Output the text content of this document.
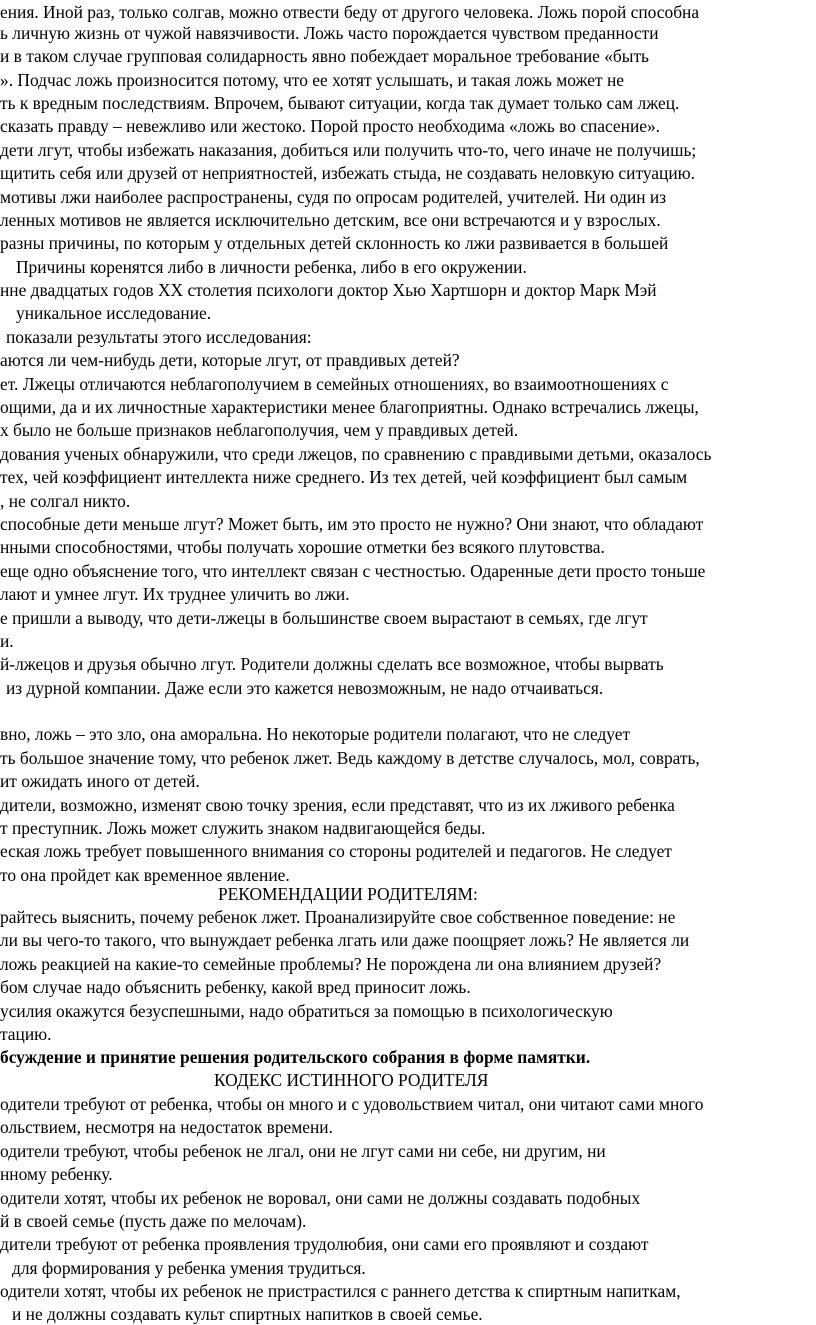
ения. Иной раз, только солгав, можно отвести беду от другого человека. Ложь порой способна
ь личную жизнь от чужой навязчивости. Ложь часто порождается чувством преданности
и в таком случае групповая солидарность явно побеждает моральное требование «быть
». Подчас ложь произносится потому, что ее хотят услышать, и такая ложь может не
ть к вредным последствиям. Впрочем, бывают ситуации, когда так думает только сам лжец.
сказать правду – невежливо или жестоко. Порой просто необходима «ложь во спасение».
дети лгут, чтобы избежать наказания, добиться или получить что-то, чего иначе не получишь;
щитить себя или друзей от неприятностей, избежать стыда, не создавать неловкую ситуацию.
мотивы лжи наиболее распространены, судя по опросам родителей, учителей. Ни один из
ленных мотивов не является исключительно детским, все они встречаются и у взрослых.
разны причины, по которым у отдельных детей склонность ко лжи развивается в большей
Причины коренятся либо в личности ребенка, либо в его окружении.
нне двадцатых годов XX столетия психологи доктор Хью Хартшорн и доктор Марк Мэй
уникальное исследование.
показали результаты этого исследования:
аются ли чем-нибудь дети, которые лгут, от правдивых детей?
ет. Лжецы отличаются неблагополучием в семейных отношениях, во взаимоотношениях с
ощими, да и их личностные характеристики менее благоприятны. Однако встречались лжецы,
х было не больше признаков неблагополучия, чем у правдивых детей.
дования ученых обнаружили, что среди лжецов, по сравнению с правдивыми детьми, оказалось
тех, чей коэффициент интеллекта ниже среднего. Из тех детей, чей коэффициент был самым
, не солгал никто.
способные дети меньше лгут? Может быть, им это просто не нужно? Они знают, что обладают
нными способностями, чтобы получать хорошие отметки без всякого плутовства.
еще одно объяснение того, что интеллект связан с честностью. Одаренные дети просто тоньше
лают и умнее лгут. Их труднее уличить во лжи.
е пришли а выводу, что дети-лжецы в большинстве своем вырастают в семьях, где лгут
и.
й-лжецов и друзья обычно лгут. Родители должны сделать все возможное, чтобы вырвать
из дурной компании. Даже если это кажется невозможным, не надо отчаиваться.
вно, ложь – это зло, она аморальна. Но некоторые родители полагают, что не следует
ть большое значение тому, что ребенок лжет. Ведь каждому в детстве случалось, мол, соврать,
ит ожидать иного от детей.
дители, возможно, изменят свою точку зрения, если представят, что из их лживого ребенка
т преступник. Ложь может служить знаком надвигающейся беды.
еская ложь требует повышенного внимания со стороны родителей и педагогов. Не следует
то она пройдет как временное явление.
РЕКОМЕНДАЦИИ РОДИТЕЛЯМ:
райтесь выяснить, почему ребенок лжет. Проанализируйте свое собственное поведение: не
ли вы чего-то такого, что вынуждает ребенка лгать или даже поощряет ложь? Не является ли
ложь реакцией на какие-то семейные проблемы? Не порождена ли она влиянием друзей?
бом случае надо объяснить ребенку, какой вред приносит ложь.
усилия окажутся безуспешными, надо обратиться за помощью в психологическую
тацию.
бсуждение и принятие решения родительского собрания в форме памятки.
КОДЕКС ИСТИННОГО РОДИТЕЛЯ
одители требуют от ребенка, чтобы он много и с удовольствием читал, они читают сами много
ольствием, несмотря на недостаток времени.
одители требуют, чтобы ребенок не лгал, они не лгут сами ни себе, ни другим, ни
нному ребенку.
одители хотят, чтобы их ребенок не воровал, они сами не должны создавать подобных
й в своей семье (пусть даже по мелочам).
дители требуют от ребенка проявления трудолюбия, они сами его проявляют и создают
для формирования у ребенка умения трудиться.
одители хотят, чтобы их ребенок не пристрастился с раннего детства к спиртным напиткам,
и не должны создавать культ спиртных напитков в своей семье.
